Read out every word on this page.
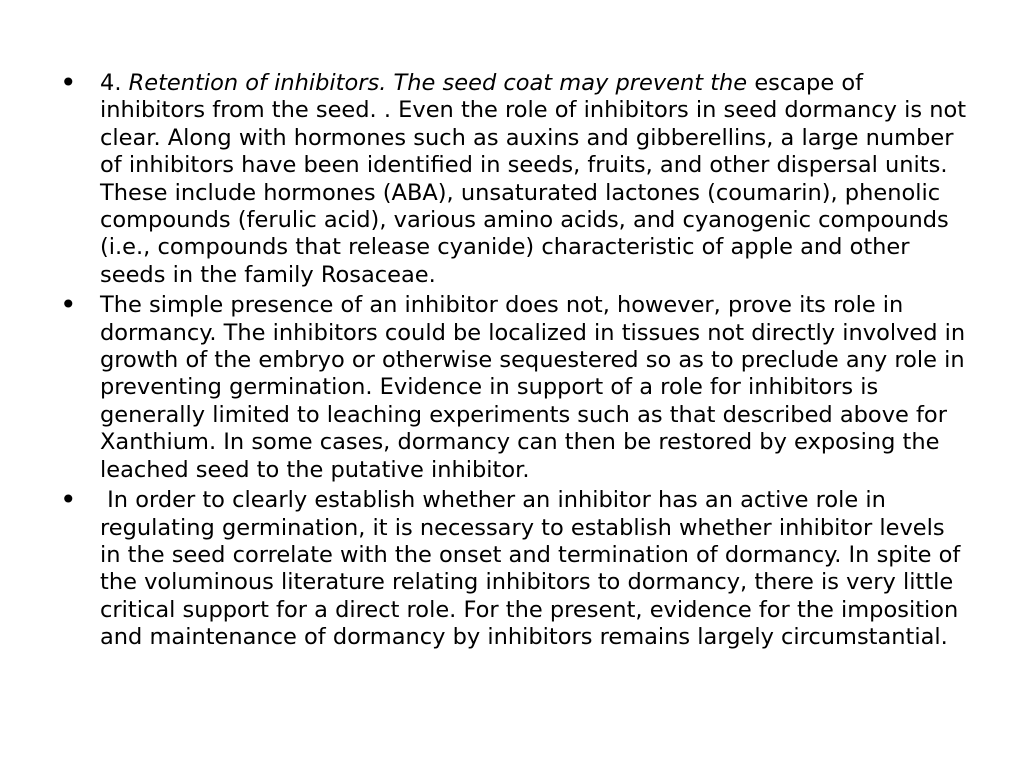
• 4. Retention of inhibitors. The seed coat may prevent the escape of inhibitors from the seed. . Even the role of inhibitors in seed dormancy is not clear. Along with hormones such as auxins and gibberellins, a large number of inhibitors have been identified in seeds, fruits, and other dispersal units. These include hormones (ABA), unsaturated lactones (coumarin), phenolic compounds (ferulic acid), various amino acids, and cyanogenic compounds (i.e., compounds that release cyanide) characteristic of apple and other seeds in the family Rosaceae.
• The simple presence of an inhibitor does not, however, prove its role in dormancy. The inhibitors could be localized in tissues not directly involved in growth of the embryo or otherwise sequestered so as to preclude any role in preventing germination. Evidence in support of a role for inhibitors is generally limited to leaching experiments such as that described above for Xanthium. In some cases, dormancy can then be restored by exposing the leached seed to the putative inhibitor.
• In order to clearly establish whether an inhibitor has an active role in regulating germination, it is necessary to establish whether inhibitor levels in the seed correlate with the onset and termination of dormancy. In spite of the voluminous literature relating inhibitors to dormancy, there is very little critical support for a direct role. For the present, evidence for the imposition and maintenance of dormancy by inhibitors remains largely circumstantial.
